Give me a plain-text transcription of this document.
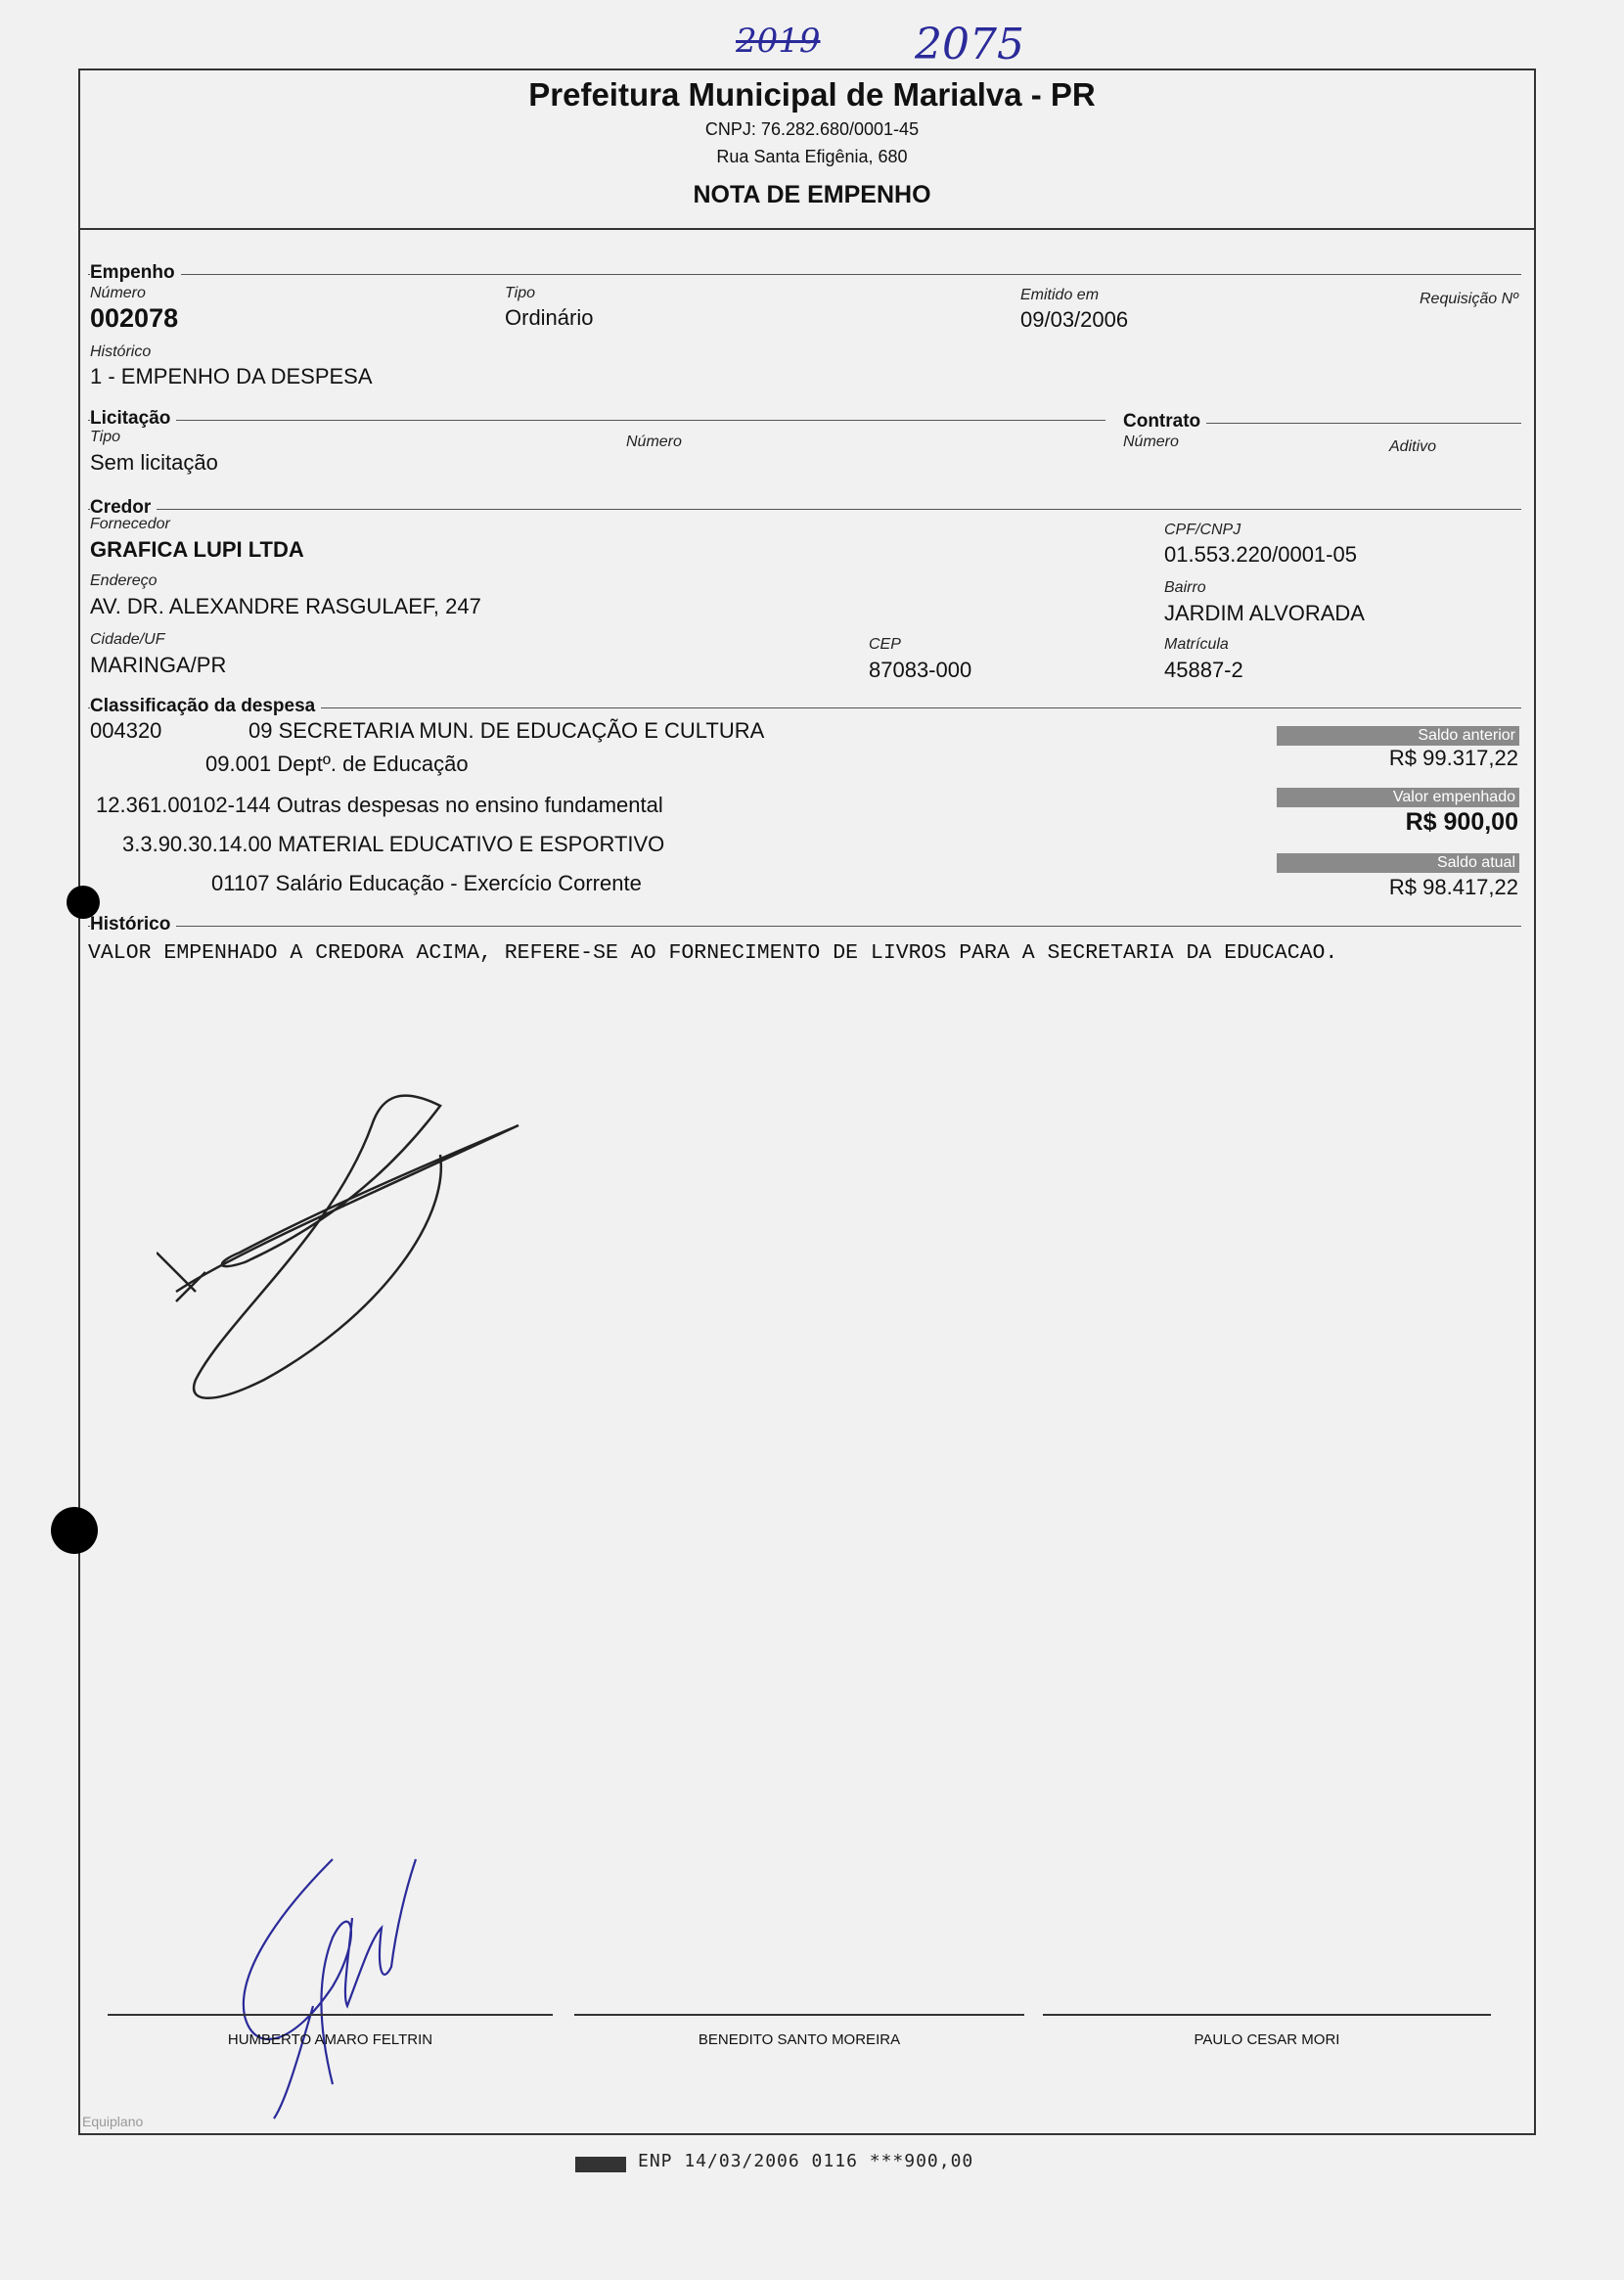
2019 2075
Prefeitura Municipal de Marialva - PR
CNPJ: 76.282.680/0001-45
Rua Santa Efigênia, 680
NOTA DE EMPENHO
Empenho
Número
002078
Tipo
Ordinário
Emitido em
09/03/2006
Requisição Nº
Histórico
1 - EMPENHO DA DESPESA
Licitação
Tipo
Sem licitação
Número
Contrato
Número	Aditivo
Credor
Fornecedor
GRAFICA LUPI LTDA
CPF/CNPJ
01.553.220/0001-05
Endereço
AV. DR. ALEXANDRE RASGULAEF, 247
Bairro
JARDIM ALVORADA
Cidade/UF
MARINGA/PR
CEP
87083-000
Matrícula
45887-2
Classificação da despesa
004320	09 SECRETARIA MUN. DE EDUCAÇÃO E CULTURA
09.001 Deptº. de Educação
12.361.00102-144 Outras despesas no ensino fundamental
3.3.90.30.14.00 MATERIAL EDUCATIVO E ESPORTIVO
01107 Salário Educação - Exercício Corrente
Saldo anterior
R$ 99.317,22
Valor empenhado
R$ 900,00
Saldo atual
R$ 98.417,22
Histórico
VALOR EMPENHADO A CREDORA ACIMA, REFERE-SE AO FORNECIMENTO DE LIVROS PARA A SECRETARIA DA EDUCACAO.
HUMBERTO AMARO FELTRIN	BENEDITO SANTO MOREIRA	PAULO CESAR MORI
Equiplano
ENP 14/03/2006 0116 ***900,00
